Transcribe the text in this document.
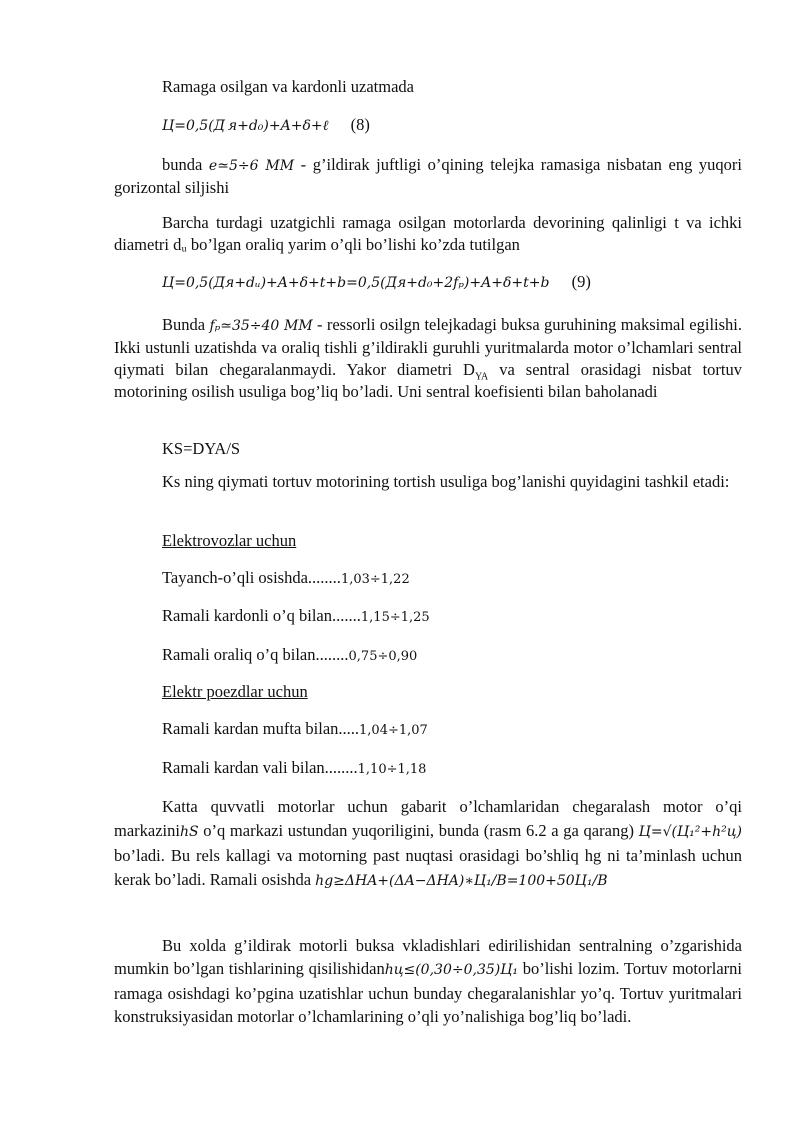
Ramaga osilgan va kardonli uzatmada
Ц=0,5(Д я+d₀)+A+δ+ℓ (8)

bunda e≃5÷6 MM - g’ildirak juftligi o’qining telejka ramasiga nisbatan eng yuqori gorizontal siljishi

Barcha turdagi uzatgichli ramaga osilgan motorlarda devorining qalinligi t va ichki diametri dᵤ bo’lgan oraliq yarim o’qli bo’lishi ko’zda tutilgan

Ц=0,5(Дя+dᵤ)+A+δ+t+b=0,5(Дя+d₀+2fₚ)+A+δ+t+b (9)

Bunda fₚ≃35÷40 MM - ressorli osilgn telejkadagi buksa guruhining maksimal egilishi. Ikki ustunli uzatishda va oraliq tishli g’ildirakli guruhli yuritmalarda motor o’lchamlari sentral qiymati bilan chegaralanmaydi. Yakor diametri $D_{YA}$ va sentral orasidagi nisbat tortuv motorining osilish usuliga bog’liq bo’ladi. Uni sentral koefisienti bilan baholanadi

KS=DYA/S

Ks ning qiymati tortuv motorining tortish usuliga bog’lanishi quyidagini tashkil etadi:

Elektrovozlar uchun
Tayanch-o’qli osishda........1,03÷1,22
Ramali kardonli o’q bilan.......1,15÷1,25
Ramali oraliq o’q bilan........0,75÷0,90
Elektr poezdlar uchun
Ramali kardan mufta bilan.....1,04÷1,07
Ramali kardan vali bilan........1,10÷1,18

Katta quvvatli motorlar uchun gabarit o’lchamlaridan chegaralash motor o’qi markazinihS o’q markazi ustundan yuqoriligini, bunda (rasm 6.2 a ga qarang) Ц=√(Ц₁²+h²ц) bo’ladi. Bu rels kallagi va motorning past nuqtasi orasidagi bo’shliq hg ni ta’minlash uchun kerak bo’ladi. Ramali osishda hg≥ΔHA+(ΔA−ΔHA)∗Ц₁/B=100+50Ц₁/B

Bu xolda g’ildirak motorli buksa vkladishlari edirilishidan sentralning o’zgarishida mumkin bo’lgan tishlarining qisilishidanhц≤(0,30÷0,35)Ц₁ bo’lishi lozim. Tortuv motorlarni ramaga osishdagi ko’pgina uzatishlar uchun bunday chegaralanishlar yo’q. Tortuv yuritmalari konstruksiyasidan motorlar o’lchamlarining o’qli yo’nalishiga bog’liq bo’ladi.
